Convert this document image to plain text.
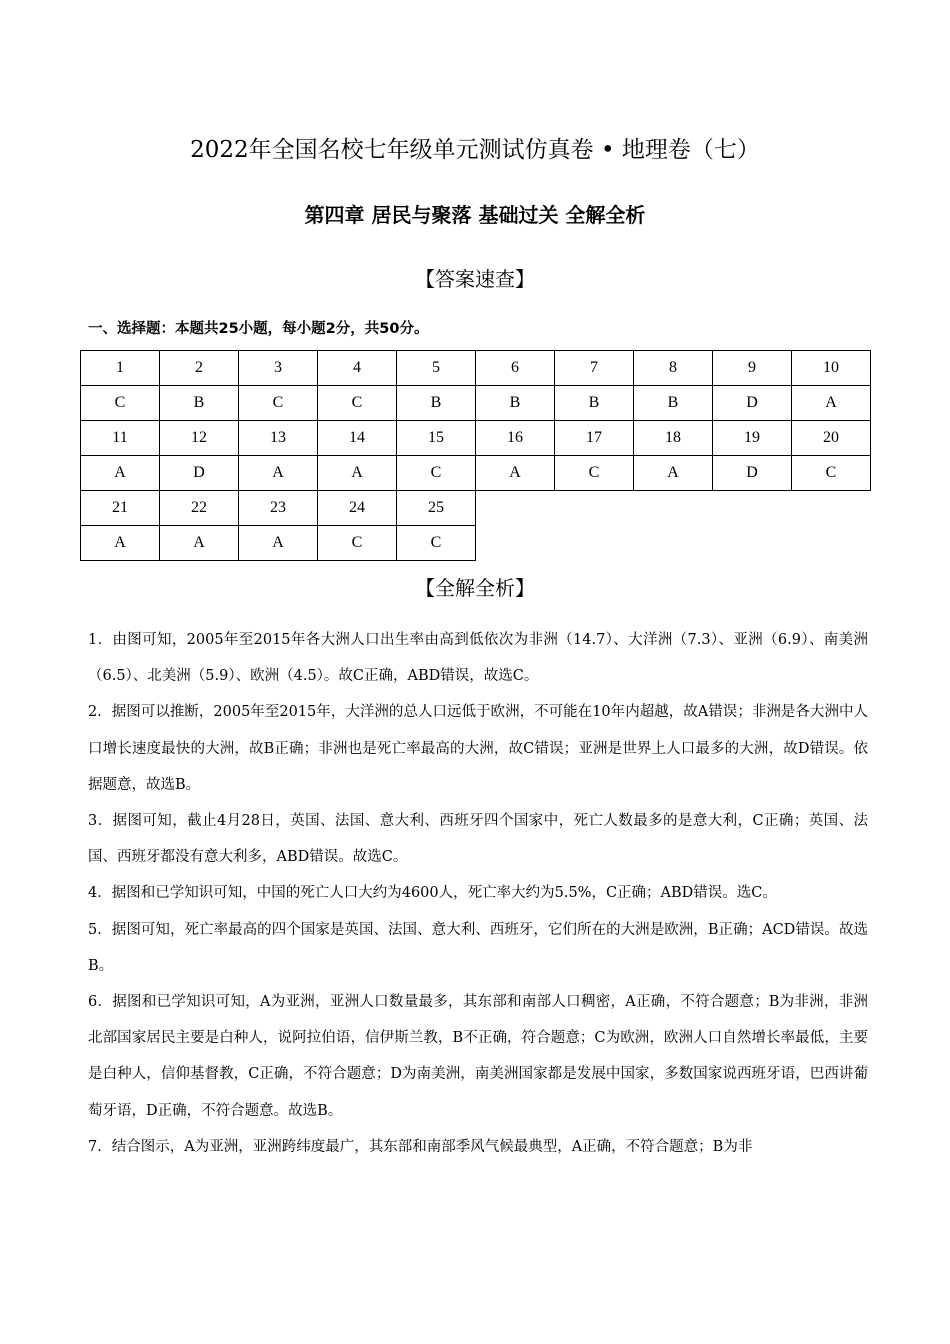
2022年全国名校七年级单元测试仿真卷 • 地理卷（七）
第四章 居民与聚落 基础过关 全解全析
【答案速查】
一、选择题：本题共25小题，每小题2分，共50分。
1	2	3	4	5	6	7	8	9	10
C	B	C	C	B	B	B	B	D	A
11	12	13	14	15	16	17	18	19	20
A	D	A	A	C	A	C	A	D	C
21	22	23	24	25					
A	A	A	C	C					
【全解全析】

1．由图可知，2005年至2015年各大洲人口出生率由高到低依次为非洲（14.7）、大洋洲（7.3）、亚洲（6.9）、南美洲（6.5）、北美洲（5.9）、欧洲（4.5）。故C正确，ABD错误，故选C。

2．据图可以推断，2005年至2015年，大洋洲的总人口远低于欧洲，不可能在10年内超越，故A错误；非洲是各大洲中人口增长速度最快的大洲，故B正确；非洲也是死亡率最高的大洲，故C错误；亚洲是世界上人口最多的大洲，故D错误。依据题意，故选B。

3．据图可知，截止4月28日，英国、法国、意大利、西班牙四个国家中，死亡人数最多的是意大利，C正确；英国、法国、西班牙都没有意大利多，ABD错误。故选C。

4．据图和已学知识可知，中国的死亡人口大约为4600人，死亡率大约为5.5%，C正确；ABD错误。选C。

5．据图可知，死亡率最高的四个国家是英国、法国、意大利、西班牙，它们所在的大洲是欧洲，B正确；ACD错误。故选B。

6．据图和已学知识可知，A为亚洲，亚洲人口数量最多，其东部和南部人口稠密，A正确，不符合题意；B为非洲，非洲北部国家居民主要是白种人，说阿拉伯语，信伊斯兰教，B不正确，符合题意；C为欧洲，欧洲人口自然增长率最低，主要是白种人，信仰基督教，C正确，不符合题意；D为南美洲，南美洲国家都是发展中国家，多数国家说西班牙语，巴西讲葡萄牙语，D正确，不符合题意。故选B。

7．结合图示，A为亚洲，亚洲跨纬度最广，其东部和南部季风气候最典型，A正确，不符合题意；B为非
